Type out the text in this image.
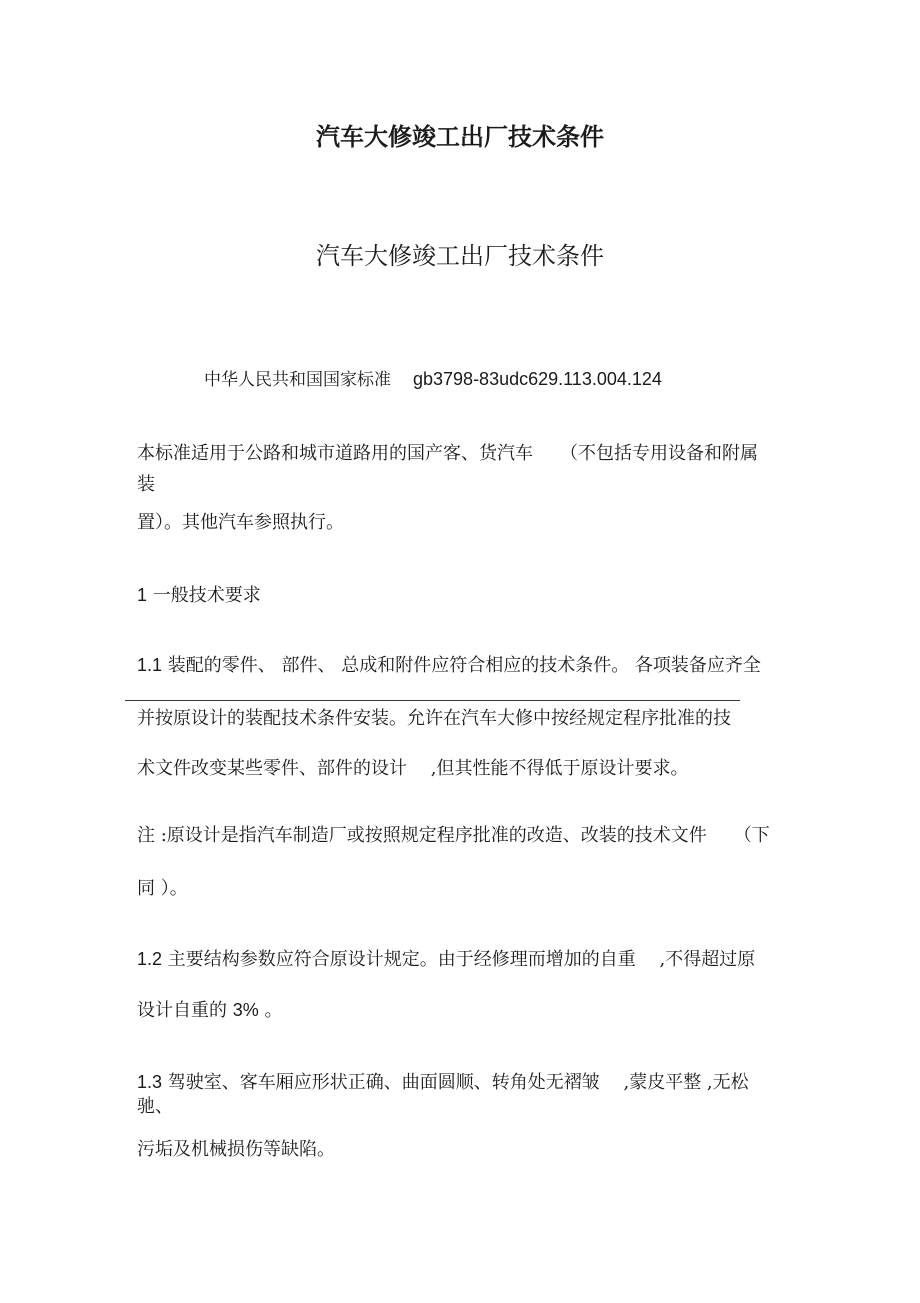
汽车大修竣工出厂技术条件
汽车大修竣工出厂技术条件
中华人民共和国国家标准 gb3798-83udc629.113.004.124
本标准适用于公路和城市道路用的国产客、货汽车　　（不包括专用设备和附属
装
置）。其他汽车参照执行。
1 一般技术要求
1.1 装配的零件、 部件、 总成和附件应符合相应的技术条件。 各项装备应齐全
并按原设计的装配技术条件安装。允许在汽车大修中按经规定程序批准的技
术文件改变某些零件、部件的设计　 ,但其性能不得低于原设计要求。
注 :原设计是指汽车制造厂或按照规定程序批准的改造、改装的技术文件　　（下
同 ）。
1.2 主要结构参数应符合原设计规定。由于经修理而增加的自重　 ,不得超过原
设计自重的 3% 。
1.3 驾驶室、客车厢应形状正确、曲面圆顺、转角处无褶皱　 ,蒙皮平整 ,无松
驰、
污垢及机械损伤等缺陷。
